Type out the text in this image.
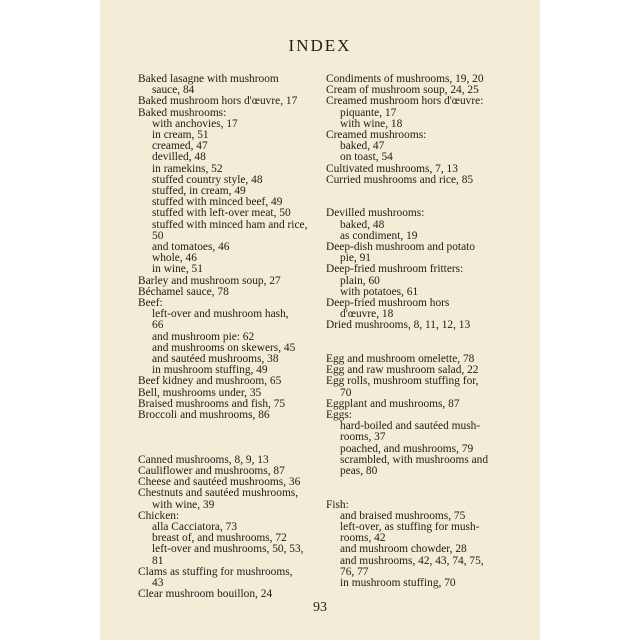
INDEX
Baked lasagne with mushroom
sauce, 84
Baked mushroom hors d'œuvre, 17
Baked mushrooms:
with anchovies, 17
in cream, 51
creamed, 47
devilled, 48
in ramekins, 52
stuffed country style, 48
stuffed, in cream, 49
stuffed with minced beef, 49
stuffed with left-over meat, 50
stuffed with minced ham and rice,
50
and tomatoes, 46
whole, 46
in wine, 51
Barley and mushroom soup, 27
Béchamel sauce, 78
Beef:
left-over and mushroom hash,
66
and mushroom pie: 62
and mushrooms on skewers, 45
and sautéed mushrooms, 38
in mushroom stuffing, 49
Beef kidney and mushroom, 65
Bell, mushrooms under, 35
Braised mushrooms and fish, 75
Broccoli and mushrooms, 86
Canned mushrooms, 8, 9, 13
Cauliflower and mushrooms, 87
Cheese and sautéed mushrooms, 36
Chestnuts and sautéed mushrooms,
with wine, 39
Chicken:
alla Cacciatora, 73
breast of, and mushrooms, 72
left-over and mushrooms, 50, 53,
81
Clams as stuffing for mushrooms,
43
Clear mushroom bouillon, 24
Condiments of mushrooms, 19, 20
Cream of mushroom soup, 24, 25
Creamed mushroom hors d'œuvre:
piquante, 17
with wine, 18
Creamed mushrooms:
baked, 47
on toast, 54
Cultivated mushrooms, 7, 13
Curried mushrooms and rice, 85
Devilled mushrooms:
baked, 48
as condiment, 19
Deep-dish mushroom and potato
pie, 91
Deep-fried mushroom fritters:
plain, 60
with potatoes, 61
Deep-fried mushroom hors
d'œuvre, 18
Dried mushrooms, 8, 11, 12, 13
Egg and mushroom omelette, 78
Egg and raw mushroom salad, 22
Egg rolls, mushroom stuffing for,
70
Eggplant and mushrooms, 87
Eggs:
hard-boiled and sautéed mush-
rooms, 37
poached, and mushrooms, 79
scrambled, with mushrooms and
peas, 80
Fish:
and braised mushrooms, 75
left-over, as stuffing for mush-
rooms, 42
and mushroom chowder, 28
and mushrooms, 42, 43, 74, 75,
76, 77
in mushroom stuffing, 70
93
